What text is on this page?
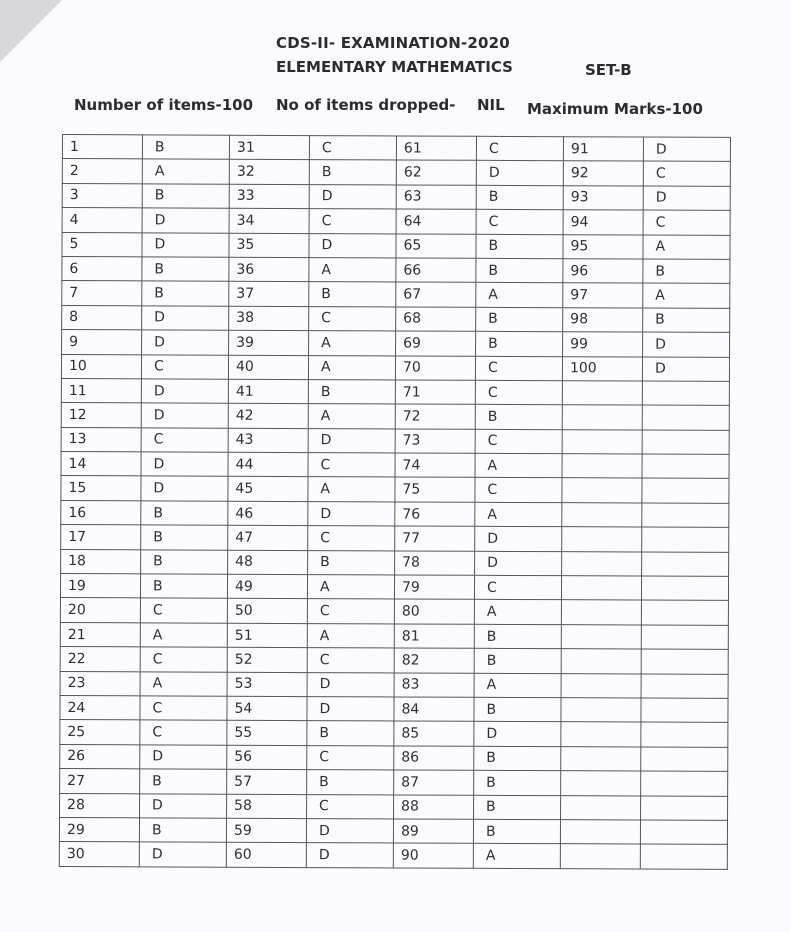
CDS-II- EXAMINATION-2020
ELEMENTARY MATHEMATICS	SET-B
Number of items-100 No of items dropped- NIL Maximum Marks-100
1	B	31	C	61	C	91	D
2	A	32	B	62	D	92	C
3	B	33	D	63	B	93	D
4	D	34	C	64	C	94	C
5	D	35	D	65	B	95	A
6	B	36	A	66	B	96	B
7	B	37	B	67	A	97	A
8	D	38	C	68	B	98	B
9	D	39	A	69	B	99	D
10	C	40	A	70	C	100	D
11	D	41	B	71	C		
12	D	42	A	72	B		
13	C	43	D	73	C		
14	D	44	C	74	A		
15	D	45	A	75	C		
16	B	46	D	76	A		
17	B	47	C	77	D		
18	B	48	B	78	D		
19	B	49	A	79	C		
20	C	50	C	80	A		
21	A	51	A	81	B		
22	C	52	C	82	B		
23	A	53	D	83	A		
24	C	54	D	84	B		
25	C	55	B	85	D		
26	D	56	C	86	B		
27	B	57	B	87	B		
28	D	58	C	88	B		
29	B	59	D	89	B		
30	D	60	D	90	A		
